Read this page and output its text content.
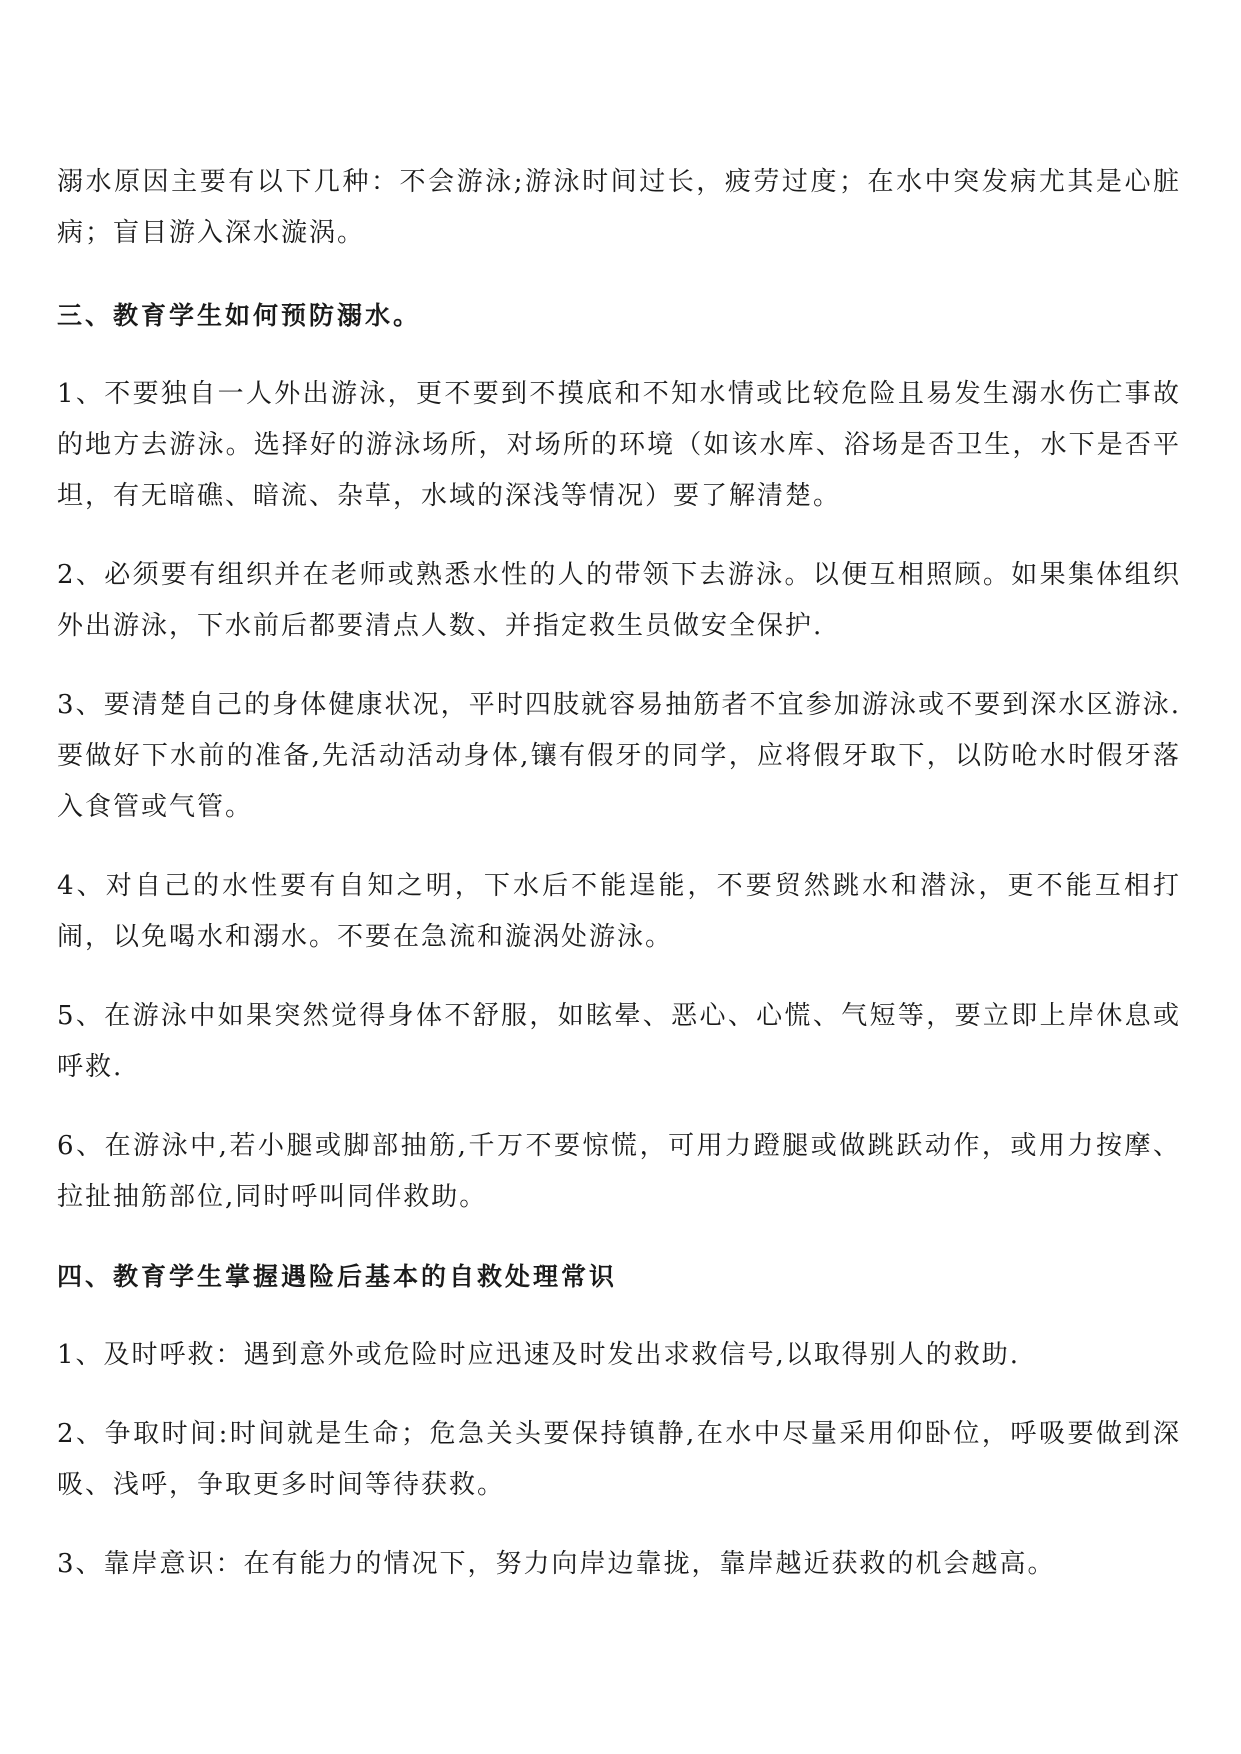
溺水原因主要有以下几种：不会游泳;游泳时间过长，疲劳过度；在水中突发病尤其是心脏病；盲目游入深水漩涡。

三、教育学生如何预防溺水。

1、不要独自一人外出游泳，更不要到不摸底和不知水情或比较危险且易发生溺水伤亡事故的地方去游泳。选择好的游泳场所，对场所的环境（如该水库、浴场是否卫生，水下是否平坦，有无暗礁、暗流、杂草，水域的深浅等情况）要了解清楚。

2、必须要有组织并在老师或熟悉水性的人的带领下去游泳。以便互相照顾。如果集体组织外出游泳，下水前后都要清点人数、并指定救生员做安全保护.

3、要清楚自己的身体健康状况，平时四肢就容易抽筋者不宜参加游泳或不要到深水区游泳.要做好下水前的准备,先活动活动身体,镶有假牙的同学，应将假牙取下，以防呛水时假牙落入食管或气管。

4、对自己的水性要有自知之明，下水后不能逞能，不要贸然跳水和潜泳，更不能互相打闹，以免喝水和溺水。不要在急流和漩涡处游泳。

5、在游泳中如果突然觉得身体不舒服，如眩晕、恶心、心慌、气短等，要立即上岸休息或呼救.

6、在游泳中,若小腿或脚部抽筋,千万不要惊慌，可用力蹬腿或做跳跃动作，或用力按摩、拉扯抽筋部位,同时呼叫同伴救助。

四、教育学生掌握遇险后基本的自救处理常识

1、及时呼救：遇到意外或危险时应迅速及时发出求救信号,以取得别人的救助.

2、争取时间:时间就是生命；危急关头要保持镇静,在水中尽量采用仰卧位，呼吸要做到深吸、浅呼，争取更多时间等待获救。

3、靠岸意识：在有能力的情况下，努力向岸边靠拢，靠岸越近获救的机会越高。
